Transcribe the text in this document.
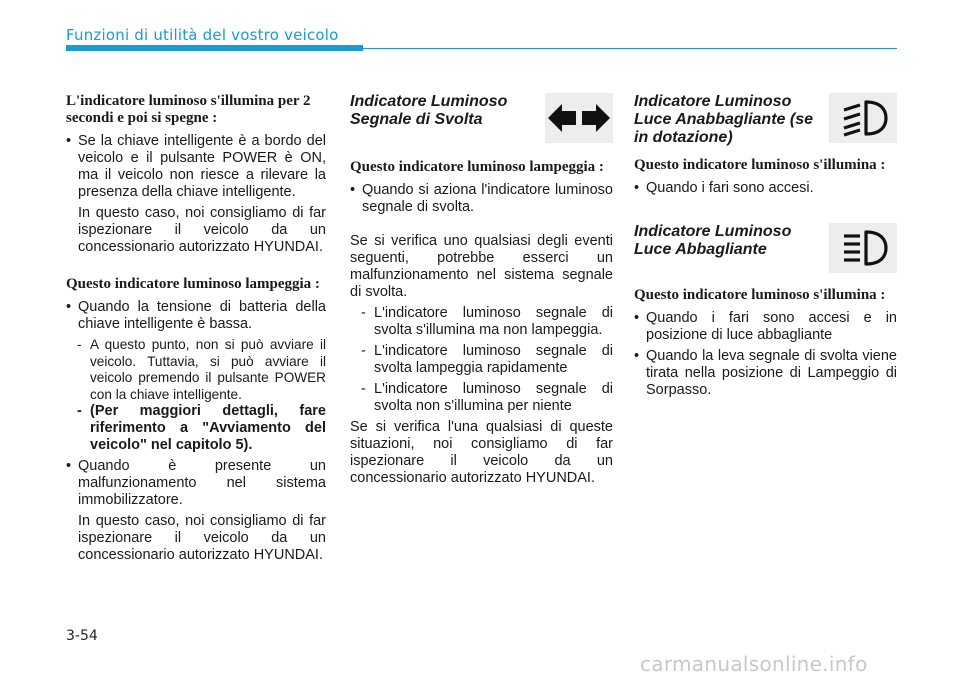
Funzioni di utilità del vostro veicolo

L'indicatore luminoso s'illumina per 2 secondi e poi si spegne :

• Se la chiave intelligente è a bordo del veicolo e il pulsante POWER è ON, ma il veicolo non riesce a rilevare la presenza della chiave intelligente.

In questo caso, noi consigliamo di far ispezionare il veicolo da un concessionario autorizzato HYUNDAI.

Questo indicatore luminoso lampeggia :

• Quando la tensione di batteria della chiave intelligente è bassa.

- A questo punto, non si può avviare il veicolo. Tuttavia, si può avviare il veicolo premendo il pulsante POWER con la chiave intelligente.

- (Per maggiori dettagli, fare riferimento a "Avviamento del veicolo" nel capitolo 5).

• Quando è presente un malfunzionamento nel sistema immobilizzatore.

In questo caso, noi consigliamo di far ispezionare il veicolo da un concessionario autorizzato HYUNDAI.

Indicatore Luminoso Segnale di Svolta

Questo indicatore luminoso lampeggia :

• Quando si aziona l'indicatore luminoso segnale di svolta.

Se si verifica uno qualsiasi degli eventi seguenti, potrebbe esserci un malfunzionamento nel sistema segnale di svolta.

- L'indicatore luminoso segnale di svolta s'illumina ma non lampeggia.

- L'indicatore luminoso segnale di svolta lampeggia rapidamente

- L'indicatore luminoso segnale di svolta non s'illumina per niente

Se si verifica l'una qualsiasi di queste situazioni, noi consigliamo di far ispezionare il veicolo da un concessionario autorizzato HYUNDAI.

Indicatore Luminoso Luce Anabbagliante (se in dotazione)

Questo indicatore luminoso s'illumina :

• Quando i fari sono accesi.

Indicatore Luminoso Luce Abbagliante

Questo indicatore luminoso s'illumina :

• Quando i fari sono accesi e in posizione di luce abbagliante

• Quando la leva segnale di svolta viene tirata nella posizione di Lampeggio di Sorpasso.

3-54
carmanualsonline.info
